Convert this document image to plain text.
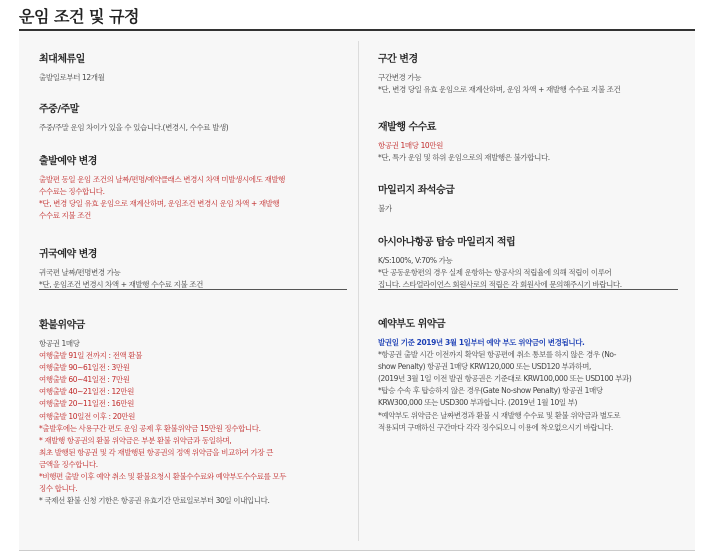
운임 조건 및 규정
최대체류일
출발일로부터 12개월
주중/주말
주중/주말 운임 차이가 있을 수 있습니다.(변경시, 수수료 발생)
출발예약 변경
출발편 동일 운임 조건의 날짜/편명/예약클래스 변경시 차액 미발생시에도 재발행
수수료는 징수합니다.
*단, 변경 당일 유효 운임으로 재계산하며, 운임조건 변경시 운임 차액 + 재발행
수수료 지불 조건
귀국예약 변경
귀국편 날짜/편명변경 가능
*단, 운임조건 변경시 차액 + 재발행 수수료 지불 조건
환불위약금
항공권 1매당
여행출발 91일 전까지 : 전액 환불
여행출발 90~61일전 : 3만원
여행출발 60~41일전 : 7만원
여행출발 40~21일전 : 12만원
여행출발 20~11일전 : 16만원
여행출발 10일전 이후 : 20만원
*출발후에는 사용구간 편도 운임 공제 후 환불위약금 15만원 징수합니다.
* 재발행 항공권의 환불 위약금은 부분 환불 위약금과 동일하며,
최초 발행된 항공권 및 각 재발행된 항공권의 정액 위약금을 비교하여 가장 큰
금액을 징수합니다.
*비행편 출발 이후 예약 취소 및 환불요청시 환불수수료와 예약부도수수료를 모두
징수 합니다.
* 국제선 환불 신청 기한은 항공권 유효기간 만료일로부터 30일 이내입니다.
구간 변경
구간변경 가능
*단, 변경 당일 유효 운임으로 재계산하며, 운임 차액 + 재발행 수수료 지불 조건
재발행 수수료
항공권 1매당 10만원
*단, 특가 운임 및 하위 운임으로의 재발행은 불가합니다.
마일리지 좌석승급
불가
아시아나항공 탑승 마일리지 적립
K/S:100%, V:70% 가능
*단 공동운항편의 경우 실제 운항하는 항공사의 적립율에 의해 적립이 이루어
집니다. 스타얼라이언스 회원사로의 적립은 각 회원사에 문의해주시기 바랍니다.
예약부도 위약금
발권일 기준 2019년 3월 1일부터 예약 부도 위약금이 변경됩니다.
*항공권 출발 시간 이전까지 확약된 항공편에 취소 통보를 하지 않은 경우 (No-
show Penalty) 항공권 1매당 KRW120,000 또는 USD120 부과하며,
(2019년 3월 1일 이전 발권 항공권은 기준대로 KRW100,000 또는 USD100 부과)
*탑승 수속 후 탑승하지 않은 경우(Gate No-show Penalty) 항공권 1매당
KRW300,000 또는 USD300 부과합니다. (2019년 1월 10일 부)
*예약부도 위약금은 날짜변경과 환불 시 재발행 수수료 및 환불 위약금과 별도로
적용되며 구매하신 구간마다 각각 징수되오니 이용에 착오없으시기 바랍니다.
